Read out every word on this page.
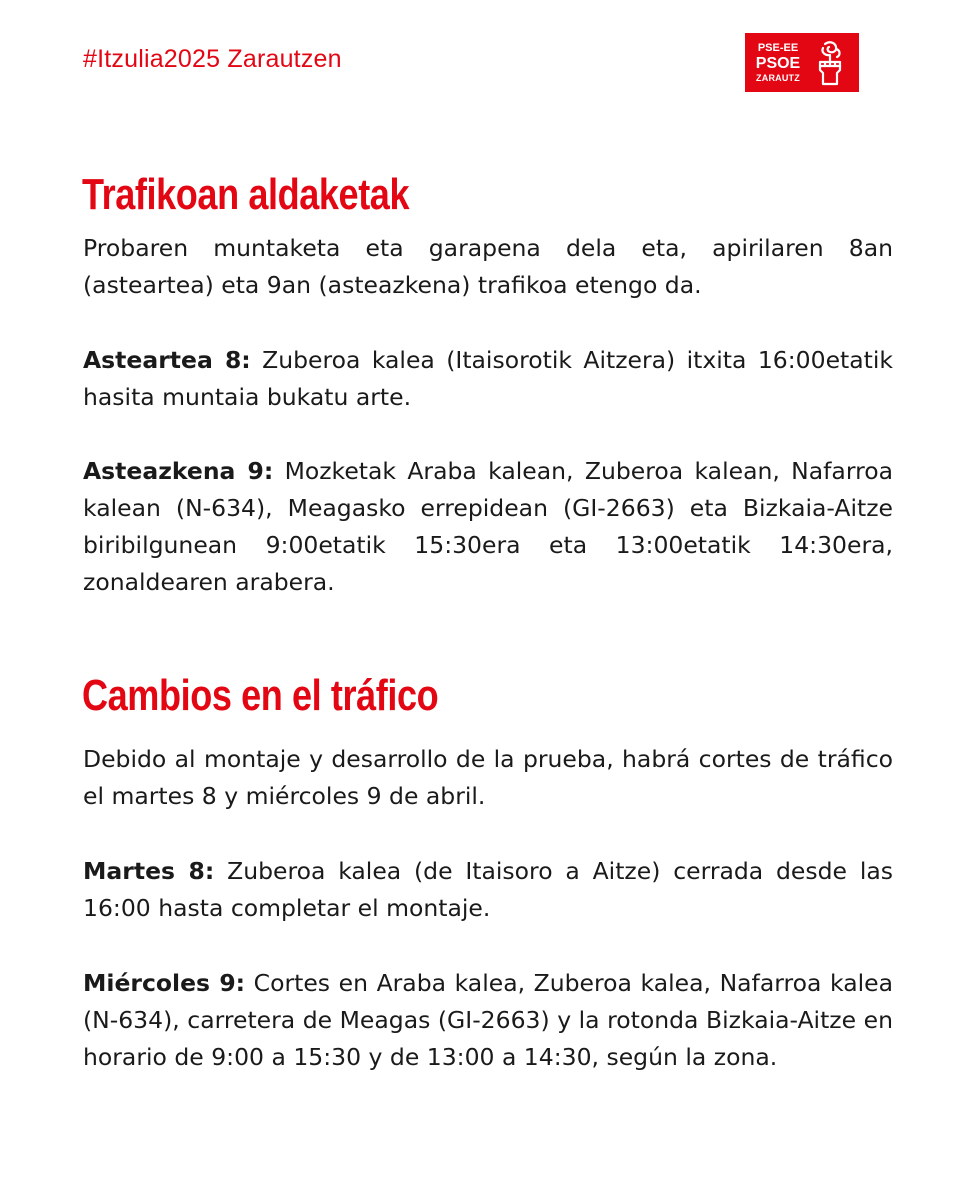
#Itzulia2025 Zarautzen	PSE-EE
PSOE
ZARAUTZ
Trafikoan aldaketak

Probaren muntaketa eta garapena dela eta, apirilaren 8an (asteartea) eta 9an (asteazkena) trafikoa etengo da.

Asteartea 8: Zuberoa kalea (Itaisorotik Aitzera) itxita 16:00etatik hasita muntaia bukatu arte.

Asteazkena 9: Mozketak Araba kalean, Zuberoa kalean, Nafarroa kalean (N-634), Meagasko errepidean (GI-2663) eta Bizkaia-Aitze biribilgunean 9:00etatik 15:30era eta 13:00etatik 14:30era, zonaldearen arabera.

Cambios en el tráfico

Debido al montaje y desarrollo de la prueba, habrá cortes de tráfico el martes 8 y miércoles 9 de abril.

Martes 8: Zuberoa kalea (de Itaisoro a Aitze) cerrada desde las 16:00 hasta completar el montaje.

Miércoles 9: Cortes en Araba kalea, Zuberoa kalea, Nafarroa kalea (N-634), carretera de Meagas (GI-2663) y la rotonda Bizkaia-Aitze en horario de 9:00 a 15:30 y de 13:00 a 14:30, según la zona.
